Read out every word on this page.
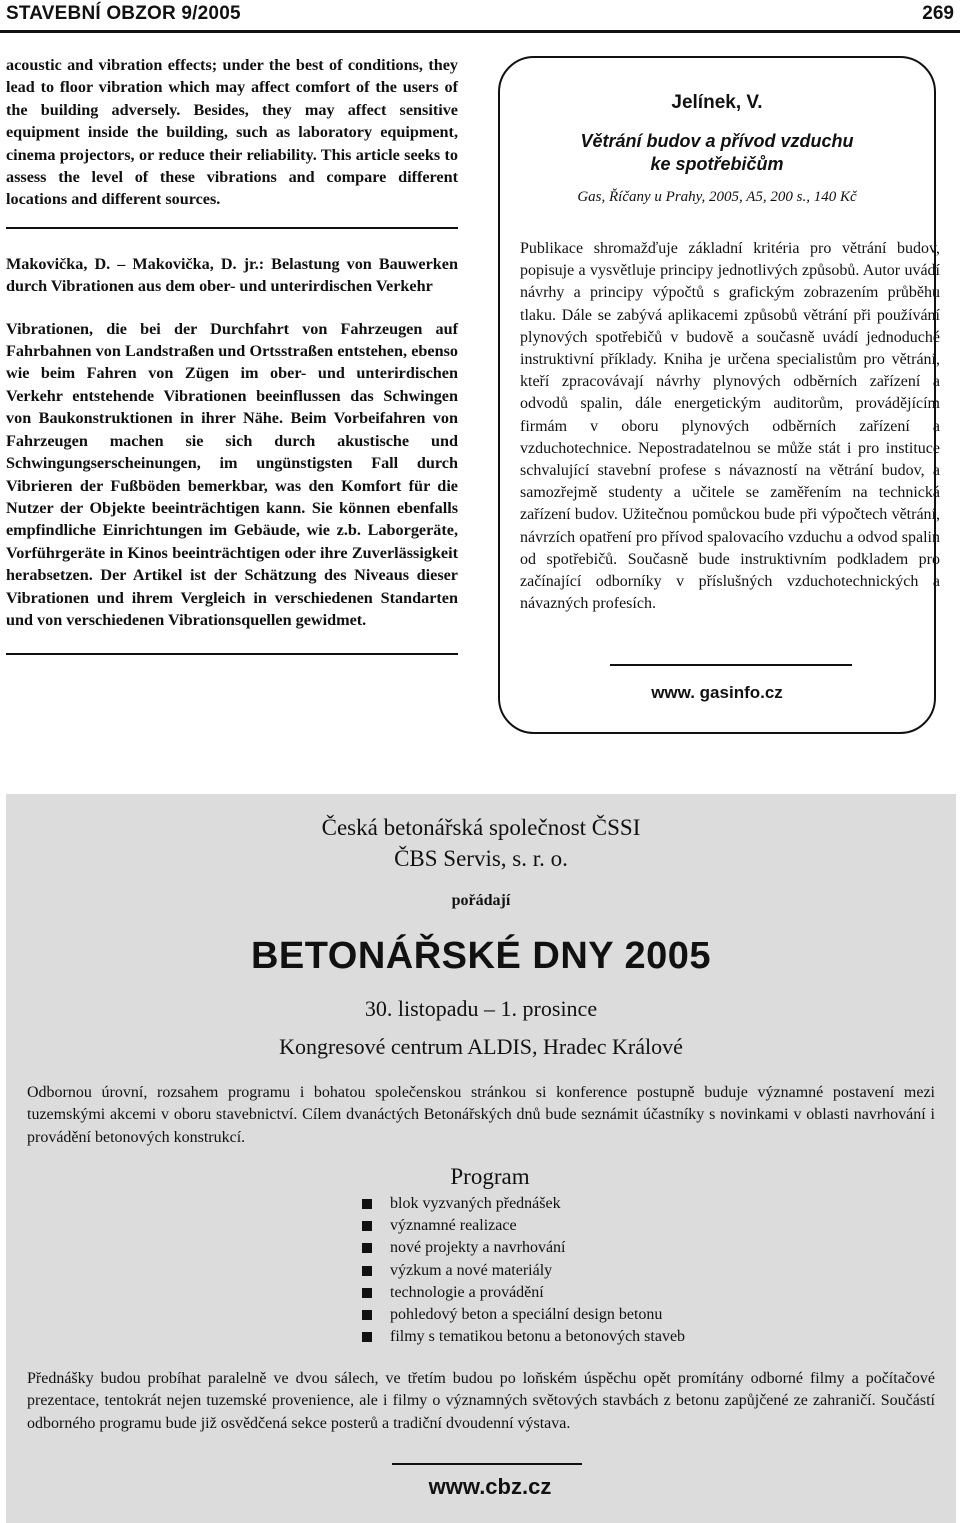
STAVEBNÍ OBZOR 9/2005	269

acoustic and vibration effects; under the best of conditions, they lead to floor vibration which may affect comfort of the users of the building adversely. Besides, they may affect sensitive equipment inside the building, such as laboratory equipment, cinema projectors, or reduce their reliability. This article seeks to assess the level of these vibrations and compare different locations and different sources.

Makovička, D. – Makovička, D. jr.: Belastung von Bauwerken durch Vibrationen aus dem ober- und unterirdischen Verkehr

Vibrationen, die bei der Durchfahrt von Fahrzeugen auf Fahrbahnen von Landstraßen und Ortsstraßen entstehen, ebenso wie beim Fahren von Zügen im ober- und unterirdischen Verkehr entstehende Vibrationen beeinflussen das Schwingen von Baukonstruktionen in ihrer Nähe. Beim Vorbeifahren von Fahrzeugen machen sie sich durch akustische und Schwingungserscheinungen, im ungünstigsten Fall durch Vibrieren der Fußböden bemerkbar, was den Komfort für die Nutzer der Objekte beeinträchtigen kann. Sie können ebenfalls empfindliche Einrichtungen im Gebäude, wie z.b. Laborgeräte, Vorführgeräte in Kinos beeinträchtigen oder ihre Zuverlässigkeit herabsetzen. Der Artikel ist der Schätzung des Niveaus dieser Vibrationen und ihrem Vergleich in verschiedenen Standarten und von verschiedenen Vibrationsquellen gewidmet.

Jelínek, V.
Větrání budov a přívod vzduchu
ke spotřebičům
Gas, Říčany u Prahy, 2005, A5, 200 s., 140 Kč

Publikace shromažďuje základní kritéria pro větrání budov, popisuje a vysvětluje principy jednotlivých způsobů. Autor uvádí návrhy a principy výpočtů s grafickým zobrazením průběhu tlaku. Dále se zabývá aplikacemi způsobů větrání při používání plynových spotřebičů v budově a současně uvádí jednoduché instruktivní příklady. Kniha je určena specialistům pro větrání, kteří zpracovávají návrhy plynových odběrních zařízení a odvodů spalin, dále energetickým auditorům, provádějícím firmám v oboru plynových odběrních zařízení a vzduchotechnice. Nepostradatelnou se může stát i pro instituce schvalující stavební profese s návazností na větrání budov, a samozřejmě studenty a učitele se zaměřením na technická zařízení budov. Užitečnou pomůckou bude při výpočtech větrání, návrzích opatření pro přívod spalovacího vzduchu a odvod spalin od spotřebičů. Současně bude instruktivním podkladem pro začínající odborníky v příslušných vzduchotechnických a návazných profesích.

www. gasinfo.cz
Česká betonářská společnost ČSSI
ČBS Servis, s. r. o.
pořádají
BETONÁŘSKÉ DNY 2005
30. listopadu – 1. prosince
Kongresové centrum ALDIS, Hradec Králové

Odbornou úrovní, rozsahem programu i bohatou společenskou stránkou si konference postupně buduje významné postavení mezi tuzemskými akcemi v oboru stavebnictví. Cílem dvanáctých Betonářských dnů bude seznámit účastníky s novinkami v oblasti navrhování i provádění betonových konstrukcí.

Program
blok vyzvaných přednášek
významné realizace
nové projekty a navrhování
výzkum a nové materiály
technologie a provádění
pohledový beton a speciální design betonu
filmy s tematikou betonu a betonových staveb

Přednášky budou probíhat paralelně ve dvou sálech, ve třetím budou po loňském úspěchu opět promítány odborné filmy a počítačové prezentace, tentokrát nejen tuzemské provenience, ale i filmy o významných světových stavbách z betonu zapůjčené ze zahraničí. Součástí odborného programu bude již osvědčená sekce posterů a tradiční dvoudenní výstava.

www.cbz.cz
